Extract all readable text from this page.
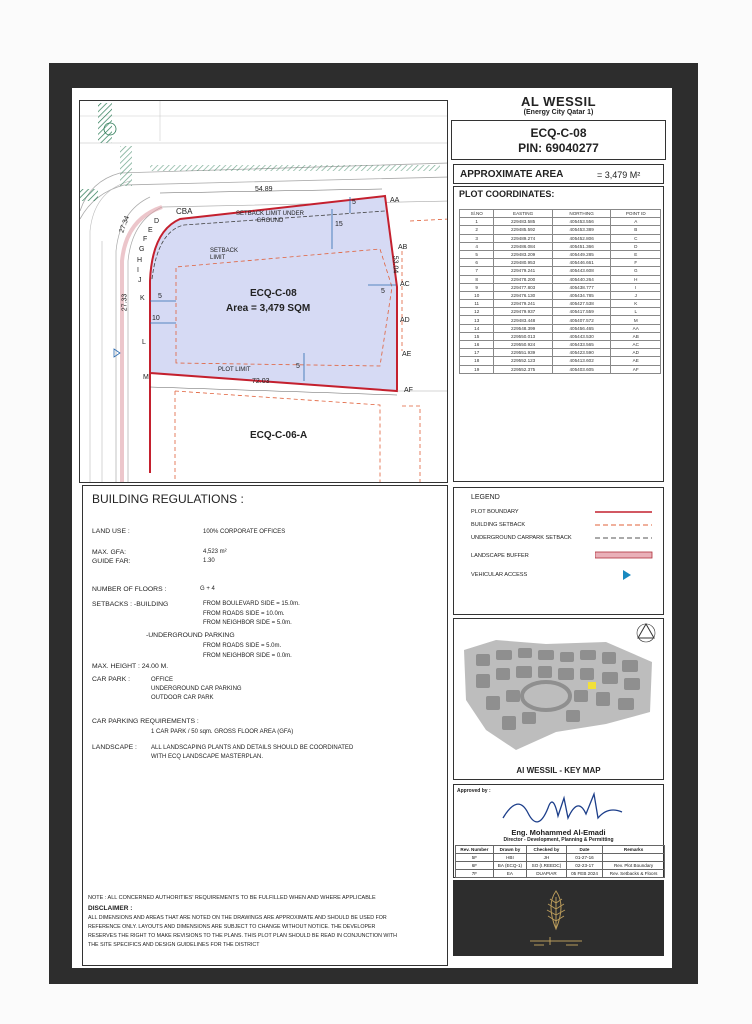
AL WESSIL
(Energy City Qatar 1)
ECQ-C-08
PIN: 69040277
APPROXIMATE AREA	= 3,479 M²
PLOT COORDINATES:
Sl.NO	EASTING	NORTHING	POINT ID
1	229483.585	405453.556	A
2	229485.592	405453.389	B
3	229489.274	405452.806	C
4	229486.084	405451.366	D
5	229483.209	405449.285	E
6	229480.953	405446.661	F
7	229479.241	405443.608	G
8	229478.200	405440.264	H
9	229477.803	405438.777	I
10	229476.130	405434.785	J
11	229479.241	405427.538	K
12	229479.937	405417.559	L
13	229483.448	405407.572	M
14	229548.399	405456.465	AA
15	229550.013	405443.530	AB
16	229550.924	405433.565	AC
17	229551.939	405423.590	AD
18	229552.123	405413.602	AE
19	229552.375	405403.605	AF
54.89
72.03
53.04
27.33
27.34
SETBACK LIMIT UNDER GROUND
SETBACK LIMIT
PLOT LIMIT
ECQ-C-08
Area = 3,479 SQM
ECQ-C-06-A
5
15
5
5
5
10
CBA
AA
AB
AC
AD
AE
AF
M
L
K
J
I
H
G
F
E
D
BUILDING REGULATIONS :
LAND USE :	100% CORPORATE OFFICES
MAX. GFA:	4,523 m²
GUIDE FAR:	1.30
NUMBER OF FLOORS :	G + 4
SETBACKS : -BUILDING	FROM BOULEVARD SIDE = 15.0m.
FROM ROADS SIDE = 10.0m.
FROM NEIGHBOR SIDE = 5.0m.
-UNDERGROUND PARKING
FROM ROADS SIDE = 5.0m.
FROM NEIGHBOR SIDE = 0.0m.
MAX. HEIGHT : 24.00 M.
CAR PARK :	OFFICE
UNDERGROUND CAR PARKING
OUTDOOR CAR PARK
CAR PARKING REQUIREMENTS :
1 CAR PARK / 50 sqm. GROSS FLOOR AREA (GFA)
LANDSCAPE : ALL LANDSCAPING PLANTS AND DETAILS SHOULD BE COORDINATED
WITH ECQ LANDSCAPE MASTERPLAN.
NOTE : ALL CONCERNED AUTHORITIES' REQUIREMENTS TO BE FULFILLED WHEN AND WHERE APPLICABLE
DISCLAIMER :
ALL DIMENSIONS AND AREAS THAT ARE NOTED ON THE DRAWINGS ARE APPROXIMATE AND SHOULD BE USED FOR
REFERENCE ONLY. LAYOUTS AND DIMENSIONS ARE SUBJECT TO CHANGE WITHOUT NOTICE. THE DEVELOPER
RESERVES THE RIGHT TO MAKE REVISIONS TO THE PLANS. THIS PLOT PLAN SHOULD BE READ IN CONJUNCTION WITH
THE SITE SPECIFICS AND DESIGN GUIDELINES FOR THE DISTRICT
LEGEND
PLOT BOUNDARY
BUILDING SETBACK
UNDERGROUND CARPARK SETBACK
LANDSCAPE BUFFER
VEHICULAR ACCESS
Al WESSIL - KEY MAP
Approved by :
Eng. Mohammed Al-Emadi
Director - Development, Planning & Permitting
Rev. Number	Drawn by	Checked by	Date	Remarks
5F	HBI	JH	01-27-16	
6F	BA (ECQ-1)	SO (I.REEDC)	02-23-17	Rev. Plot Boundary
7F	EA	DUAPIAR	05 FEB 2024	Rev. Setbacks & Floors
